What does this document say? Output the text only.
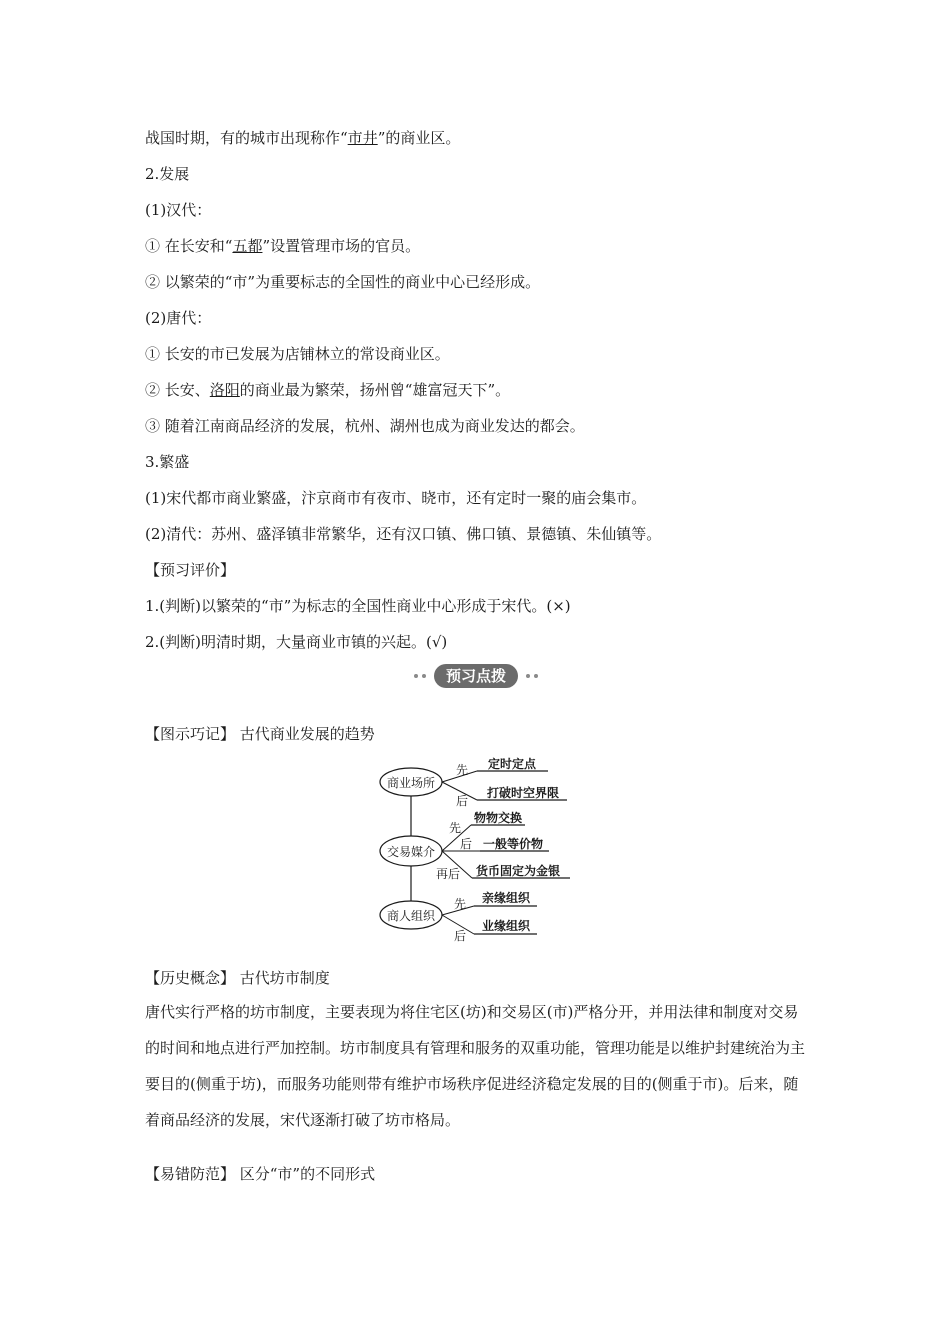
战国时期，有的城市出现称作“市井”的商业区。
2.发展
(1)汉代：
① 在长安和“五都”设置管理市场的官员。
② 以繁荣的“市”为重要标志的全国性的商业中心已经形成。
(2)唐代：
① 长安的市已发展为店铺林立的常设商业区。
② 长安、洛阳的商业最为繁荣，扬州曾“雄富冠天下”。
③ 随着江南商品经济的发展，杭州、湖州也成为商业发达的都会。
3.繁盛
(1)宋代都市商业繁盛，汴京商市有夜市、晓市，还有定时一聚的庙会集市。
(2)清代：苏州、盛泽镇非常繁华，还有汉口镇、佛口镇、景德镇、朱仙镇等。
【预习评价】
1.(判断)以繁荣的“市”为标志的全国性商业中心形成于宋代。(×)
2.(判断)明清时期，大量商业市镇的兴起。(√)
预习点拨
【图示巧记】 古代商业发展的趋势
商业场所
先
后
定时定点
打破时空界限
交易媒介
先
后
再后
物物交换
一般等价物
货币固定为金银
商人组织
先
后
亲缘组织
业缘组织
【历史概念】 古代坊市制度
唐代实行严格的坊市制度，主要表现为将住宅区(坊)和交易区(市)严格分开，并用法律和制度对交易的时间和地点进行严加控制。坊市制度具有管理和服务的双重功能，管理功能是以维护封建统治为主要目的(侧重于坊)，而服务功能则带有维护市场秩序促进经济稳定发展的目的(侧重于市)。后来，随着商品经济的发展，宋代逐渐打破了坊市格局。
【易错防范】 区分“市”的不同形式
